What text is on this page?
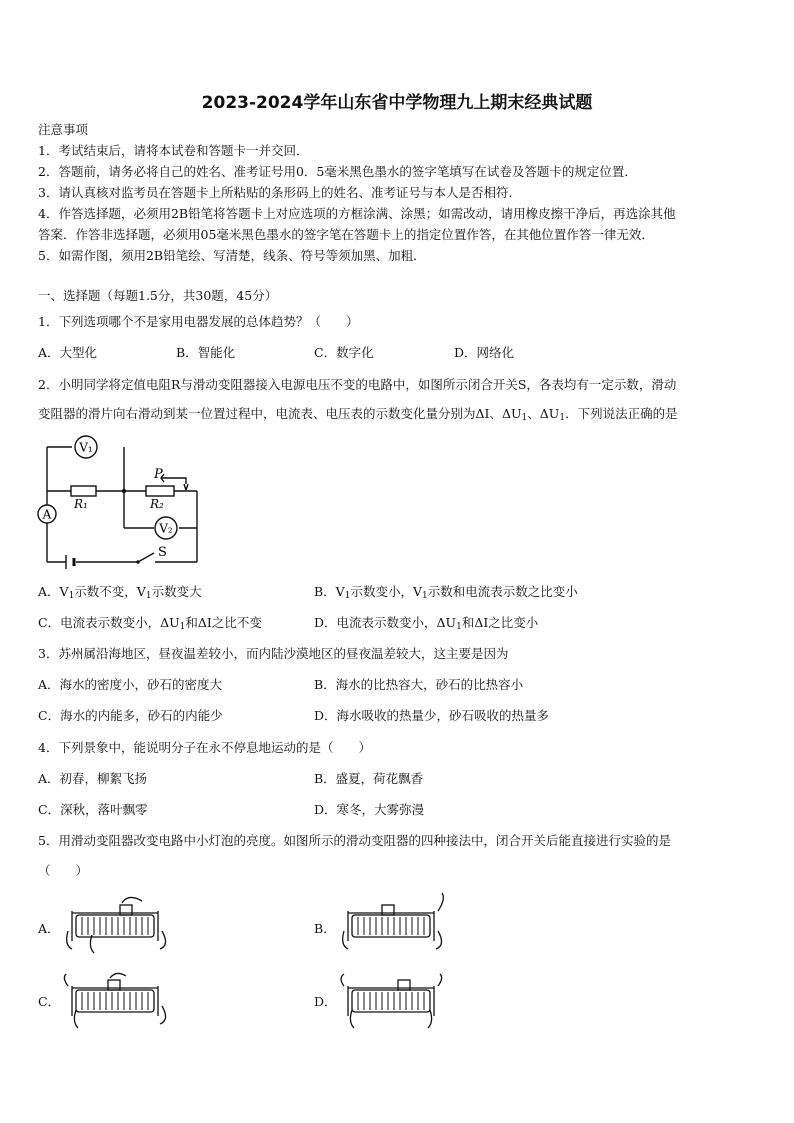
2023-2024学年山东省中学物理九上期末经典试题
注意事项
1．考试结束后，请将本试卷和答题卡一并交回．
2．答题前，请务必将自己的姓名、准考证号用0．5毫米黑色墨水的签字笔填写在试卷及答题卡的规定位置．
3．请认真核对监考员在答题卡上所粘贴的条形码上的姓名、准考证号与本人是否相符．
4．作答选择题，必须用2B铅笔将答题卡上对应选项的方框涂满、涂黑；如需改动，请用橡皮擦干净后，再选涂其他
答案．作答非选择题，必须用05毫米黑色墨水的签字笔在答题卡上的指定位置作答，在其他位置作答一律无效．
5．如需作图，须用2B铅笔绘、写清楚，线条、符号等须加黑、加粗．
一、选择题（每题1.5分，共30题，45分）
1．下列选项哪个不是家用电器发展的总体趋势？（　　）
A．大型化	B．智能化	C．数字化	D．网络化
2．小明同学将定值电阻R与滑动变阻器接入电源电压不变的电路中，如图所示闭合开关S，各表均有一定示数，滑动
变阻器的滑片向右滑动到某一位置过程中，电流表、电压表的示数变化量分别为ΔI、$\Delta U_1$、$\Delta U_1$．下列说法正确的是
V₁
V₂
A
R₁	R₂
P
S
A．$V_1$示数不变，$V_1$示数变大	B．$V_1$示数变小，$V_1$示数和电流表示数之比变小
C．电流表示数变小，$\Delta U_1$和ΔI之比不变	D．电流表示数变小，$\Delta U_1$和ΔI之比变小
3．苏州属沿海地区，昼夜温差较小，而内陆沙漠地区的昼夜温差较大，这主要是因为
A．海水的密度小，砂石的密度大	B．海水的比热容大，砂石的比热容小
C．海水的内能多，砂石的内能少	D．海水吸收的热量少，砂石吸收的热量多
4．下列景象中，能说明分子在永不停息地运动的是（　　）
A．初春，柳絮飞扬	B．盛夏，荷花飘香
C．深秋，落叶飘零	D．寒冬，大雾弥漫
5．用滑动变阻器改变电路中小灯泡的亮度。如图所示的滑动变阻器的四种接法中，闭合开关后能直接进行实验的是
（　　）
A．	B．
C．	D．
